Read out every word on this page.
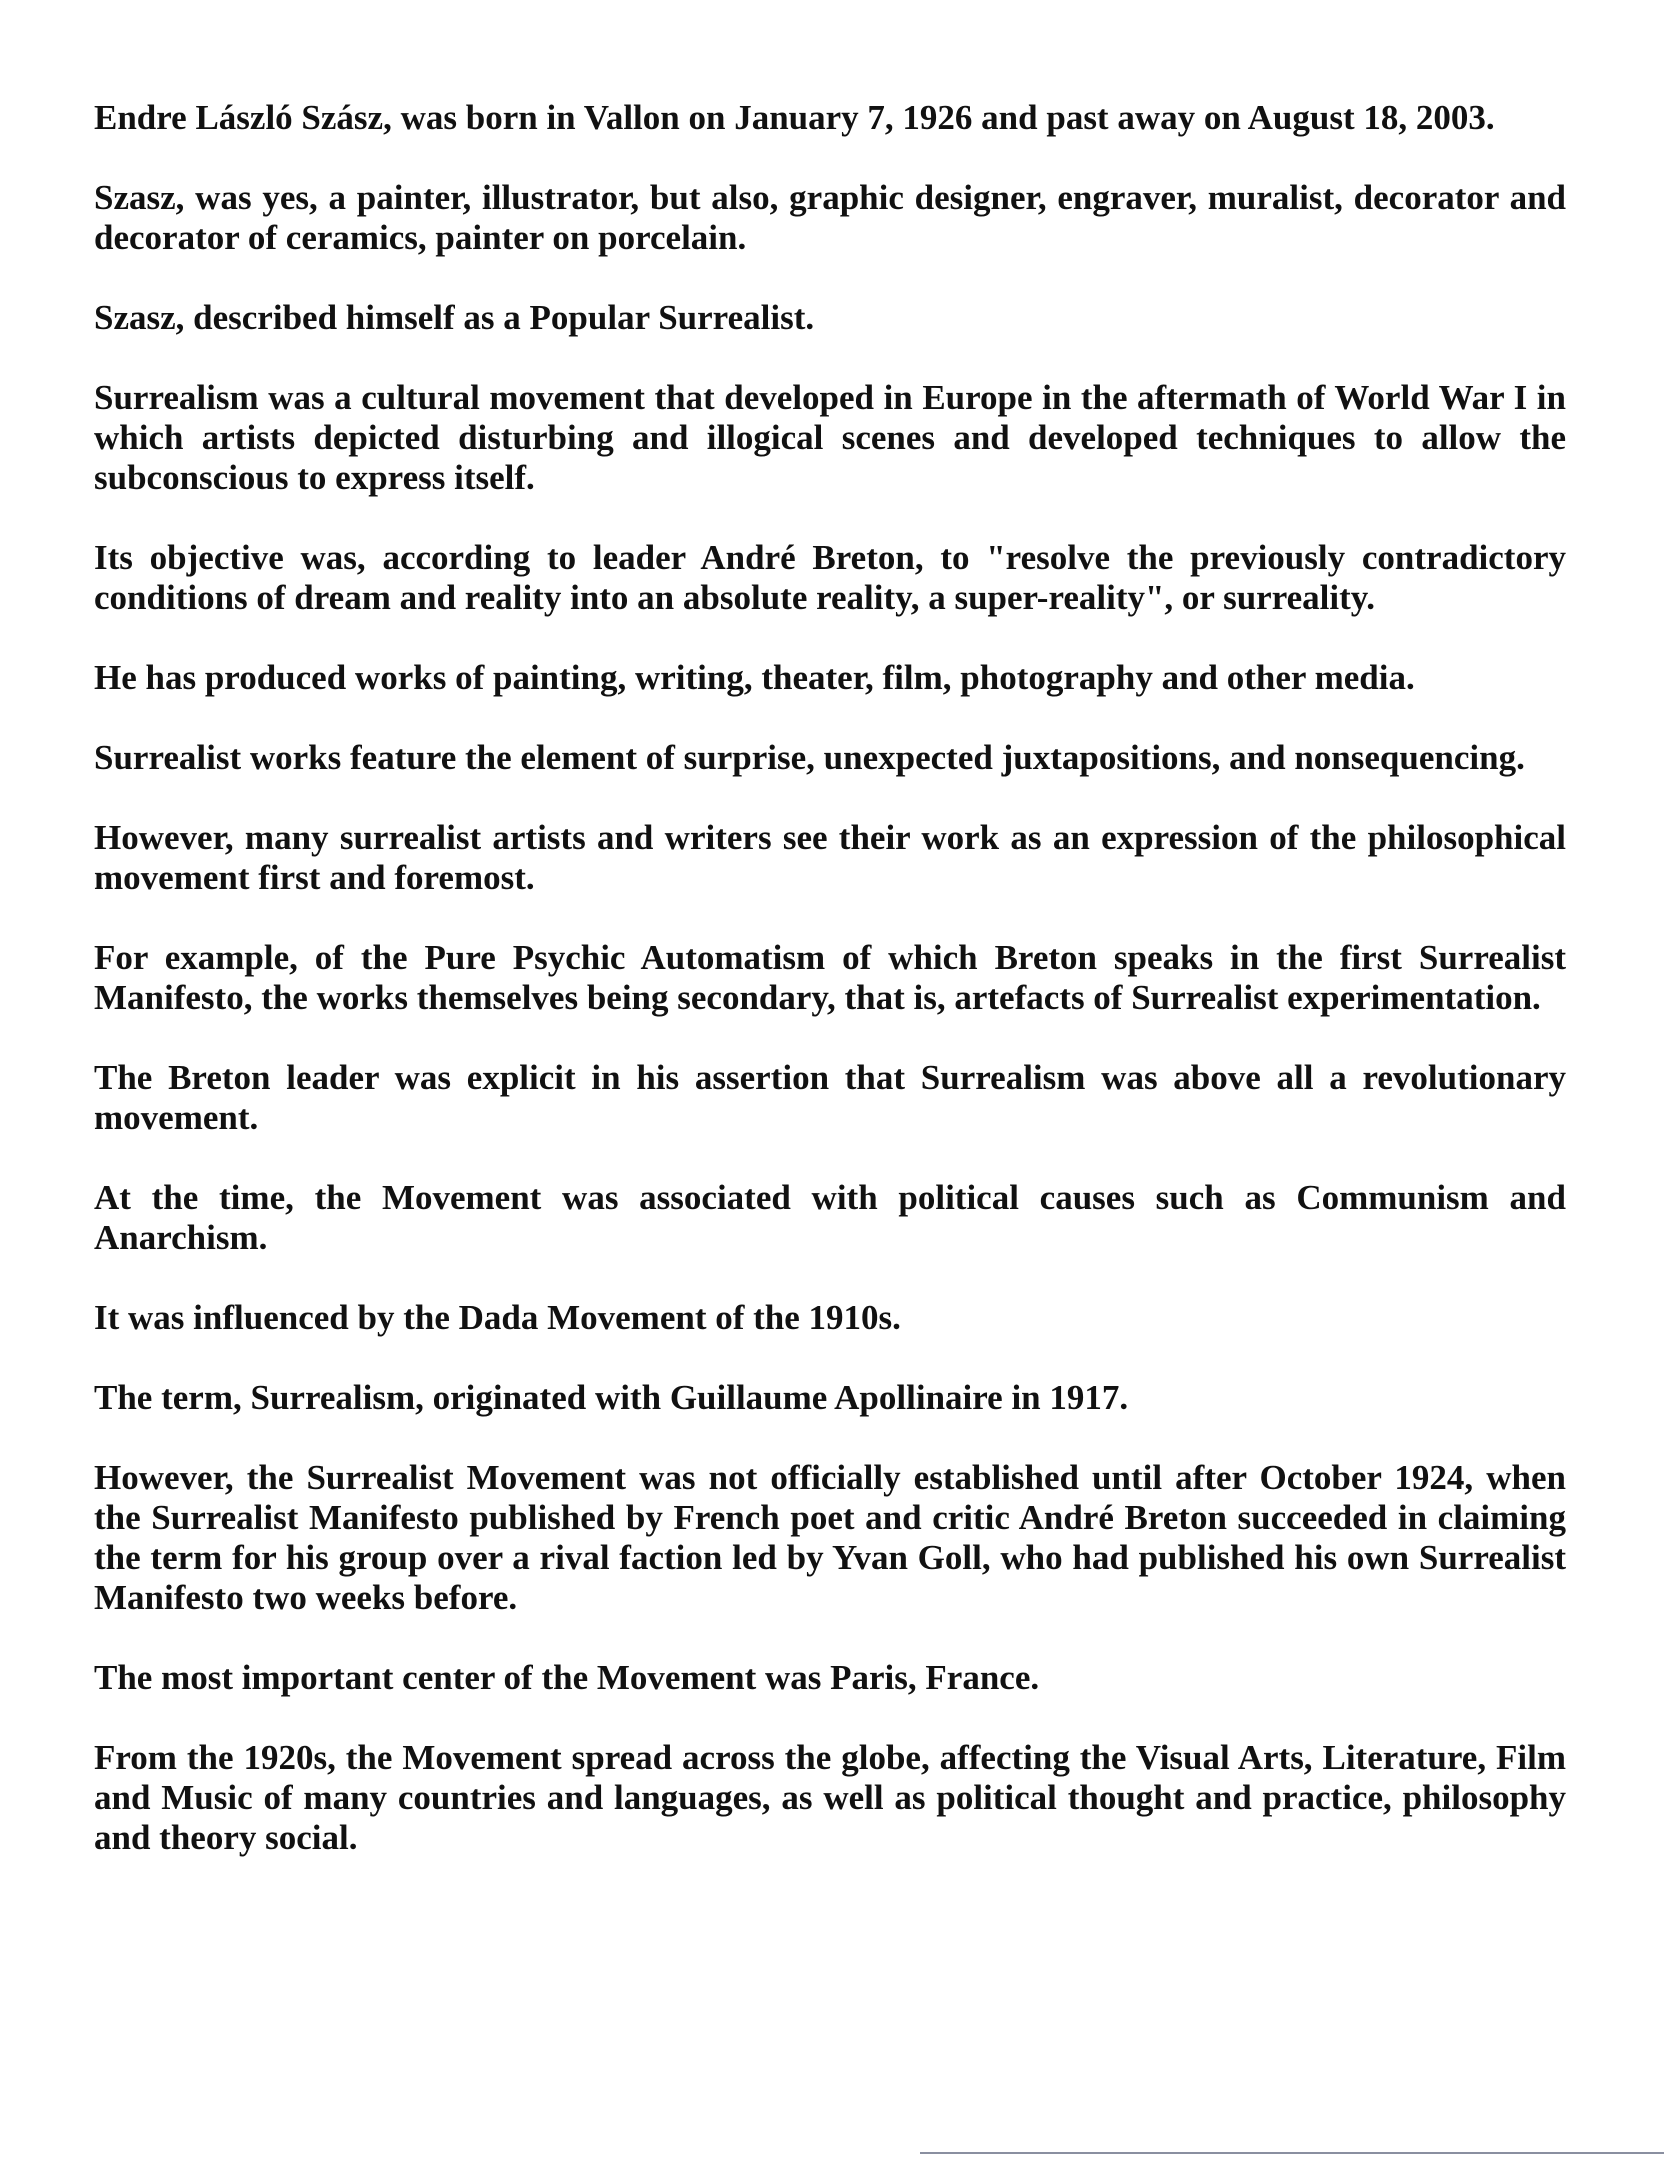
Endre László Szász, was born in Vallon on January 7, 1926 and past away on August 18, 2003.

Szasz, was yes, a painter, illustrator, but also, graphic designer, engraver, muralist, decorator and decorator of ceramics, painter on porcelain.

Szasz, described himself as a Popular Surrealist.

Surrealism was a cultural movement that developed in Europe in the aftermath of World War I in which artists depicted disturbing and illogical scenes and developed techniques to allow the subconscious to express itself.

Its objective was, according to leader André Breton, to "resolve the previously contradictory conditions of dream and reality into an absolute reality, a super-reality", or surreality.

He has produced works of painting, writing, theater, film, photography and other media.

Surrealist works feature the element of surprise, unexpected juxtapositions, and nonsequencing.

However, many surrealist artists and writers see their work as an expression of the philosophical movement first and foremost.

For example, of the Pure Psychic Automatism of which Breton speaks in the first Surrealist Manifesto, the works themselves being secondary, that is, artefacts of Surrealist experimentation.

The Breton leader was explicit in his assertion that Surrealism was above all a revolutionary movement.

At the time, the Movement was associated with political causes such as Communism and Anarchism.

It was influenced by the Dada Movement of the 1910s.

The term, Surrealism, originated with Guillaume Apollinaire in 1917.

However, the Surrealist Movement was not officially established until after October 1924, when the Surrealist Manifesto published by French poet and critic André Breton succeeded in claiming the term for his group over a rival faction led by Yvan Goll, who had published his own Surrealist Manifesto two weeks before.

The most important center of the Movement was Paris, France.

From the 1920s, the Movement spread across the globe, affecting the Visual Arts, Literature, Film and Music of many countries and languages, as well as political thought and practice, philosophy and theory social.
